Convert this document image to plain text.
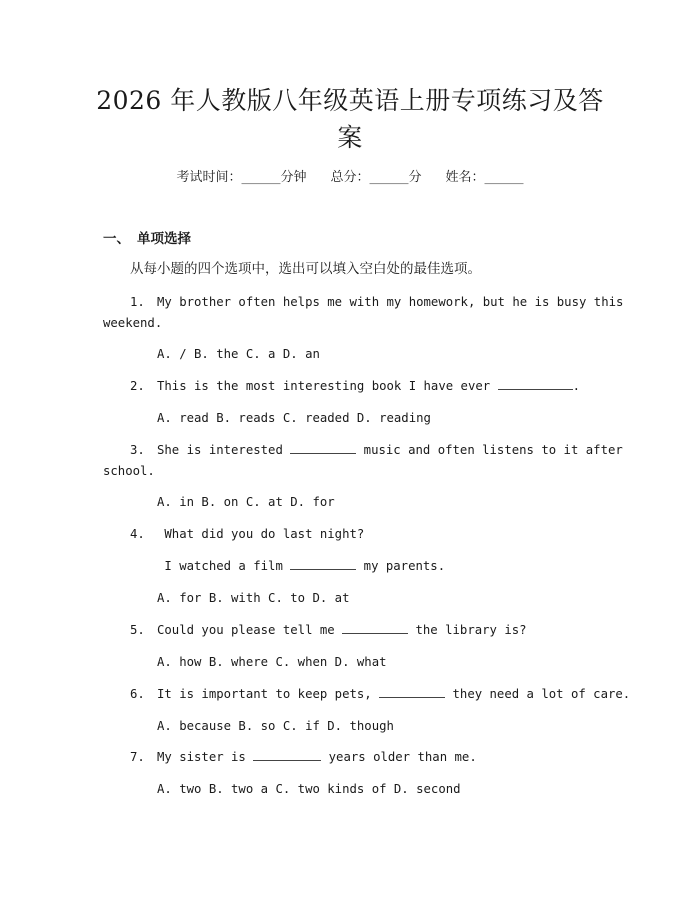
2026 年人教版八年级英语上册专项练习及答
案
考试时间：______分钟 总分：______分 姓名：______
一、 单项选择
从每小题的四个选项中，选出可以填入空白处的最佳选项。
1. My brother often helps me with my homework, but he is busy this
weekend.
A. / B. the C. a D. an
2. This is the most interesting book I have ever	.
A. read B. reads C. readed D. reading
3. She is interested	music and often listens to it after
school.
A. in B. on C. at D. for
4. What did you do last night?
I watched a film	my parents.
A. for B. with C. to D. at
5. Could you please tell me	the library is?
A. how B. where C. when D. what
6. It is important to keep pets,	they need a lot of care.
A. because B. so C. if D. though
7. My sister is	years older than me.
A. two B. two a C. two kinds of D. second
